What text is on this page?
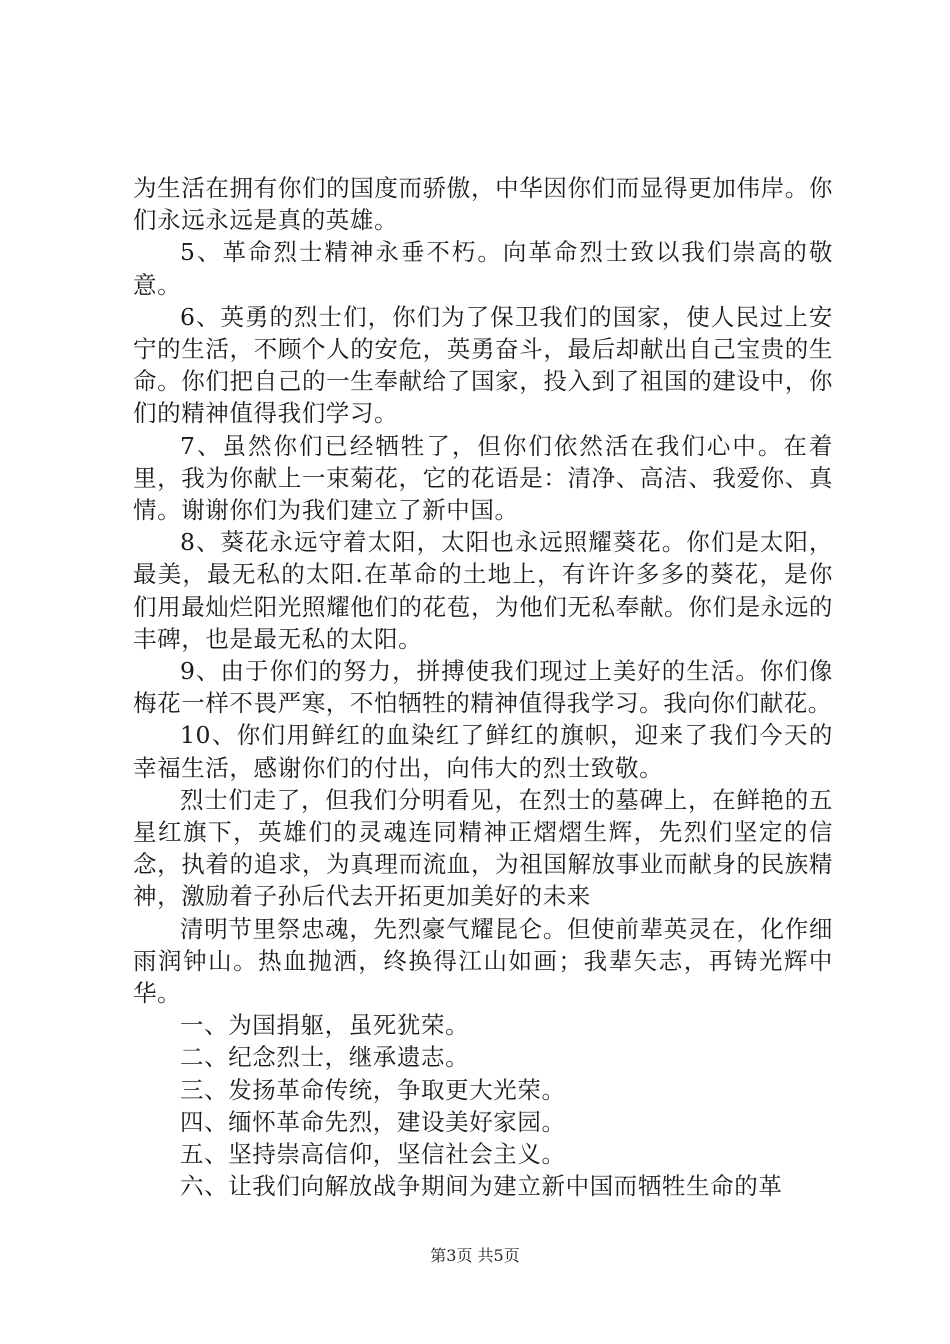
为生活在拥有你们的国度而骄傲，中华因你们而显得更加伟岸。你们永远永远是真的英雄。

5、革命烈士精神永垂不朽。向革命烈士致以我们崇高的敬意。

6、英勇的烈士们，你们为了保卫我们的国家，使人民过上安宁的生活，不顾个人的安危，英勇奋斗，最后却献出自己宝贵的生命。你们把自己的一生奉献给了国家，投入到了祖国的建设中，你们的精神值得我们学习。

7、虽然你们已经牺牲了，但你们依然活在我们心中。在着里，我为你献上一束菊花，它的花语是：清净、高洁、我爱你、真情。谢谢你们为我们建立了新中国。

8、葵花永远守着太阳，太阳也永远照耀葵花。你们是太阳，最美，最无私的太阳.在革命的土地上，有许许多多的葵花，是你们用最灿烂阳光照耀他们的花苞，为他们无私奉献。你们是永远的丰碑，也是最无私的太阳。

9、由于你们的努力，拼搏使我们现过上美好的生活。你们像梅花一样不畏严寒，不怕牺牲的精神值得我学习。我向你们献花。

10、你们用鲜红的血染红了鲜红的旗帜，迎来了我们今天的幸福生活，感谢你们的付出，向伟大的烈士致敬。

烈士们走了，但我们分明看见，在烈士的墓碑上，在鲜艳的五星红旗下，英雄们的灵魂连同精神正熠熠生辉，先烈们坚定的信念，执着的追求，为真理而流血，为祖国解放事业而献身的民族精神，激励着子孙后代去开拓更加美好的未来

清明节里祭忠魂，先烈豪气耀昆仑。但使前辈英灵在，化作细雨润钟山。热血抛洒，终换得江山如画；我辈矢志，再铸光辉中华。

一、为国捐躯，虽死犹荣。

二、纪念烈士，继承遗志。

三、发扬革命传统，争取更大光荣。

四、缅怀革命先烈，建设美好家园。

五、坚持崇高信仰，坚信社会主义。

六、让我们向解放战争期间为建立新中国而牺牲生命的革

第3页 共5页
